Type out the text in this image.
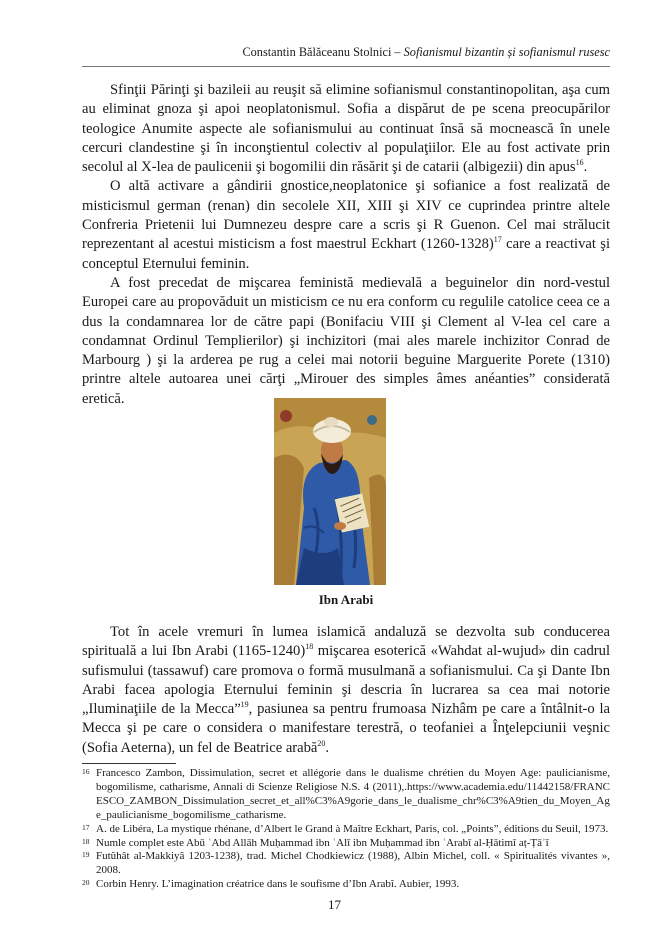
Constantin Bălăceanu Stolnici – Sofianismul bizantin și sofianismul rusesc

Sfinţii Părinţi şi bazileii au reuşit să elimine sofianismul constantinopolitan, aşa cum au eliminat gnoza şi apoi neoplatonismul. Sofia a dispărut de pe scena preocupărilor teologice Anumite aspecte ale sofianismului au continuat însă să mocnească în unele cercuri clandestine şi în inconştientul colectiv al populaţiilor. Ele au fost activate prin secolul al X-lea de paulicenii şi bogomilii din răsărit şi de catarii (albigezii) din apus$^{16}$.

O altă activare a gândirii gnostice,neoplatonice şi sofianice a fost realizată de misticismul german (renan) din secolele XII, XIII şi XIV ce cuprindea printre altele Confreria Prietenii lui Dumnezeu despre care a scris şi R Guenon. Cel mai strălucit reprezentant al acestui misticism a fost maestrul Eckhart (1260-1328)$^{17}$ care a reactivat şi conceptul Eternului feminin.

A fost precedat de mişcarea feministă medievală a beguinelor din nord-vestul Europei care au propovăduit un misticism ce nu era conform cu regulile catolice ceea ce a dus la condamnarea lor de către papi (Bonifaciu VIII şi Clement al V-lea cel care a condamnat Ordinul Templierilor) şi inchizitori (mai ales marele inchizitor Conrad de Marbourg ) şi la arderea pe rug a celei mai notorii beguine Marguerite Porete (1310) printre altele autoarea unei cărţi „Mirouer des simples âmes anéanties” considerată eretică.

Ibn Arabi

Tot în acele vremuri în lumea islamică andaluză se dezvolta sub conducerea spirituală a lui Ibn Arabi (1165-1240)$^{18}$ mişcarea esoterică «Wahdat al-wujud» din cadrul sufismului (tassawuf) care promova o formă musulmană a sofianismului. Ca şi Dante Ibn Arabi facea apologia Eternului feminin şi descria în lucrarea sa cea mai notorie „Iluminaţiile de la Mecca”$^{19}$, pasiunea sa pentru frumoasa Nizhâm pe care a întâlnit-o la Mecca şi pe care o considera o manifestare terestră, o teofaniei a Înţelepciunii veşnic (Sofia Aeterna), un fel de Beatrice arabă$^{20}$.

16 Francesco Zambon, Dissimulation, secret et allégorie dans le dualisme chrétien du Moyen Age: paulicianisme, bogomilisme, catharisme, Annali di Scienze Religiose N.S. 4 (2011),.https://www.academia.edu/11442158/FRANCESCO_ZAMBON_Dissimulation_secret_et_all%C3%A9gorie_dans_le_dualisme_chr%C3%A9tien_du_Moyen_Age_paulicianisme_bogomilisme_catharisme.

17 A. de Libéra, La mystique rhénane, d’Albert le Grand à Maître Eckhart, Paris, col. „Points”, éditions du Seuil, 1973.

18 Numle complet este Abū ʿAbd Allāh Muḥammad ibn ʿAlī ibn Muḥammad ibn ʿArabī al-Ḥātimī aṭ-Ṭāʾī

19 Futûhât al-Makkiyâ 1203-1238), trad. Michel Chodkiewicz (1988), Albin Michel, coll. « Spiritualités vivantes », 2008.

20 Corbin Henry. L’imagination créatrice dans le soufisme d’Ibn Arabî. Aubier, 1993.

17
